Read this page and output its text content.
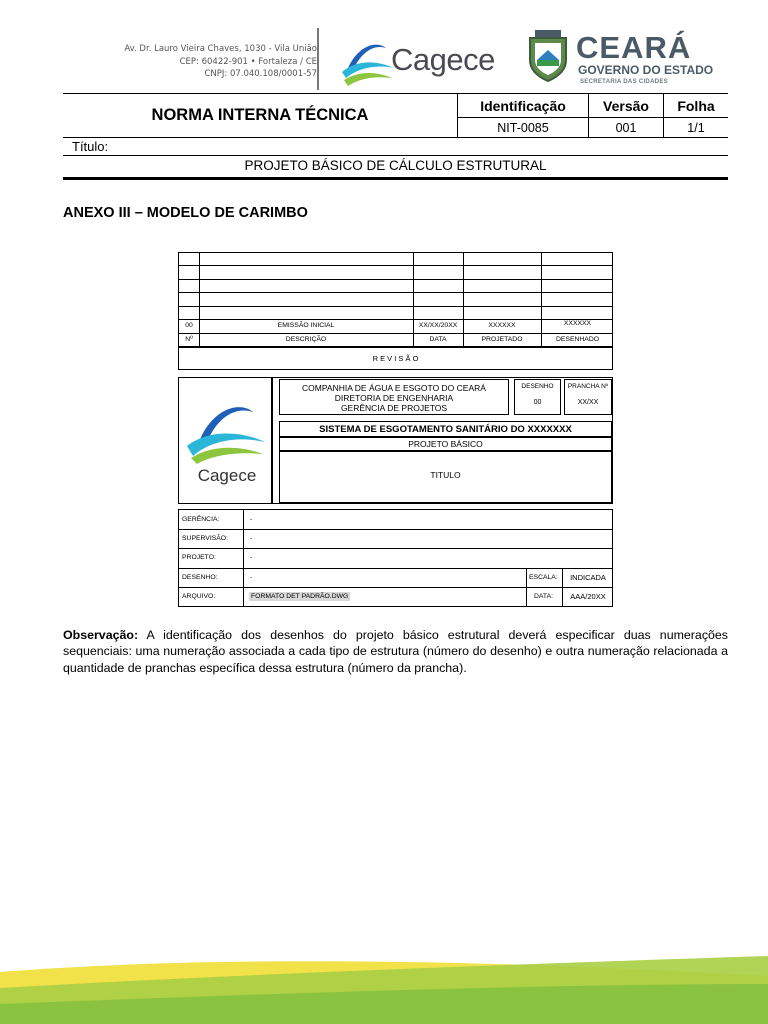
Av. Dr. Lauro Vieira Chaves, 1030 - Vila União
CEP: 60422-901 • Fortaleza / CE
CNPJ: 07.040.108/0001-57 Cagece	CEARÁ
GOVERNO DO ESTADO
SECRETARIA DAS CIDADES
NORMA INTERNA TÉCNICA	Identificação	Versão	Folha
	NIT-0085	001	1/1
Título:			
PROJETO BÁSICO DE CÁLCULO ESTRUTURAL			
ANEXO III – MODELO DE CARIMBO
00	EMISSÃO INICIAL	XX/XX/20XX	XXXXXX	XXXXXX
Nº	DESCRIÇÃO	DATA	PROJETADO	DESENHADO
R E V I S Ã O
Cagece
COMPANHIA DE ÁGUA E ESGOTO DO CEARÁ
DIRETORIA DE ENGENHARIA
GERÊNCIA DE PROJETOS
DESENHO
00
PRANCHA Nº
XX/XX
SISTEMA DE ESGOTAMENTO SANITÁRIO DO XXXXXXX
PROJETO BÁSICO
TITULO
GERÊNCIA:	-
SUPERVISÃO:	-
PROJETO:	-
DESENHO:	-
ARQUIVO:	FORMATO DET PADRÃO.DWG
ESCALA:	INDICADA
DATA:	AAA/20XX
Observação: A identificação dos desenhos do projeto básico estrutural deverá especificar duas numerações sequenciais: uma numeração associada a cada tipo de estrutura (número do desenho) e outra numeração relacionada a quantidade de pranchas específica dessa estrutura (número da prancha).
